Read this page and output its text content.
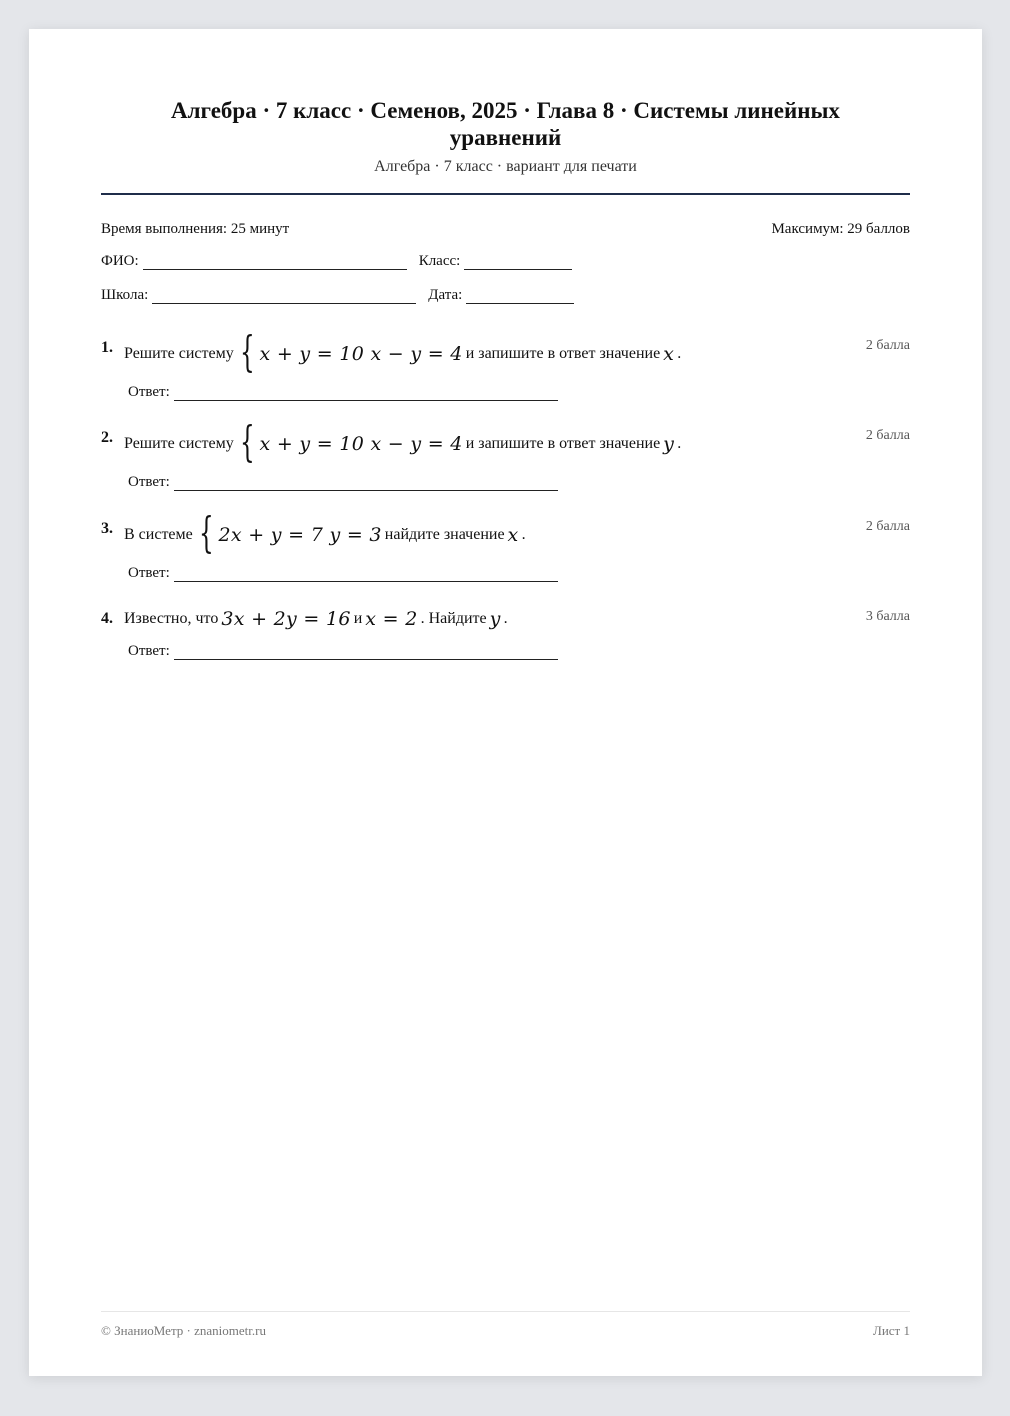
Алгебра · 7 класс · Семенов, 2025 · Глава 8 · Системы линейных уравнений
Алгебра · 7 класс · вариант для печати
Время выполнения: 25 минут	Максимум: 29 баллов
ФИО:	Класс:
Школа:	Дата:
1. Решите систему { x + y = 10 x − y = 4 и запишите в ответ значение x .	2 балла
Ответ:
2. Решите систему { x + y = 10 x − y = 4 и запишите в ответ значение y .	2 балла
Ответ:
3. В системе { 2x + y = 7 y = 3 найдите значение x .	2 балла
Ответ:
4. Известно, что 3x + 2y = 16 и x = 2 . Найдите y .	3 балла
Ответ:
© ЗнаниоМетр · znaniometr.ru	Лист 1
